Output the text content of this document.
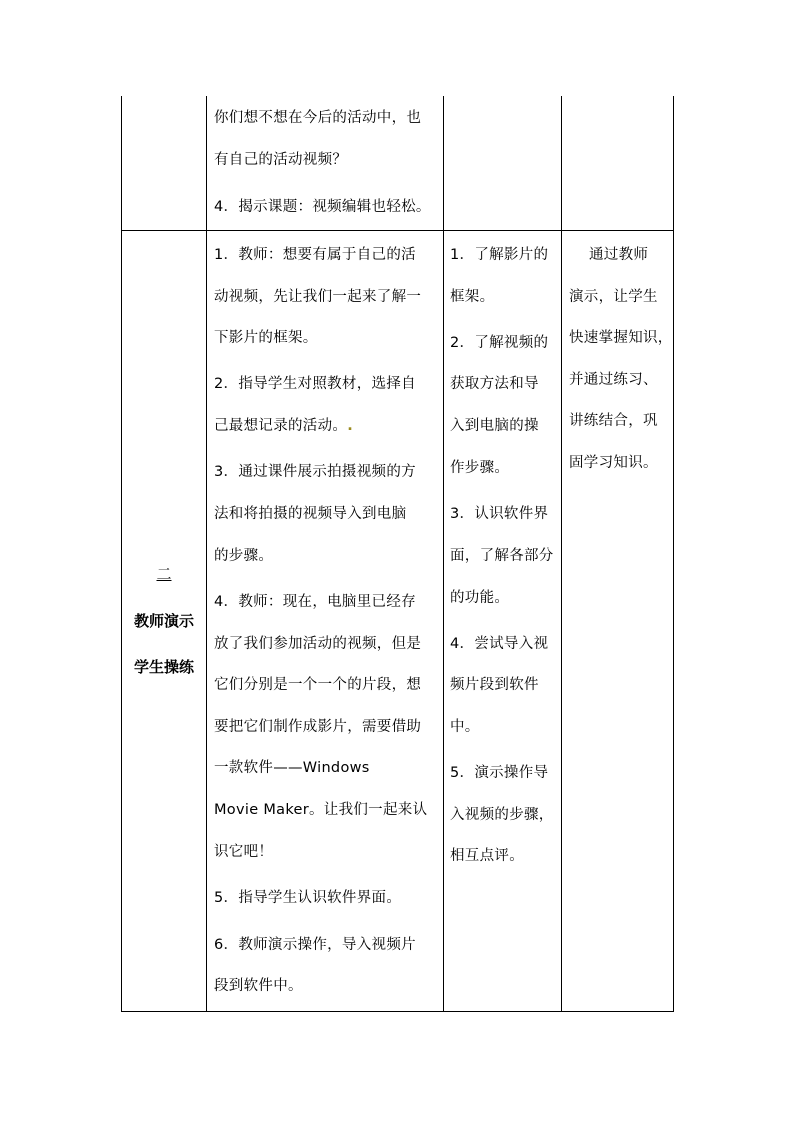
你们想不想在今后的活动中，也
有自己的活动视频？
4．揭示课题：视频编辑也轻松。
二
教师演示
学生操练
1．教师：想要有属于自己的活
动视频，先让我们一起来了解一
下影片的框架。
2．指导学生对照教材，选择自
己最想记录的活动。.
3．通过课件展示拍摄视频的方
法和将拍摄的视频导入到电脑
的步骤。
4．教师：现在，电脑里已经存
放了我们参加活动的视频，但是
它们分别是一个一个的片段，想
要把它们制作成影片，需要借助
一款软件——Windows
Movie Maker。让我们一起来认
识它吧！
5．指导学生认识软件界面。
6．教师演示操作，导入视频片
段到软件中。
1．了解影片的
框架。
2．了解视频的
获取方法和导
入到电脑的操
作步骤。
3．认识软件界
面，了解各部分
的功能。
4．尝试导入视
频片段到软件
中。
5．演示操作导
入视频的步骤，
相互点评。
通过教师
演示，让学生
快速掌握知识，
并通过练习、
讲练结合，巩
固学习知识。
